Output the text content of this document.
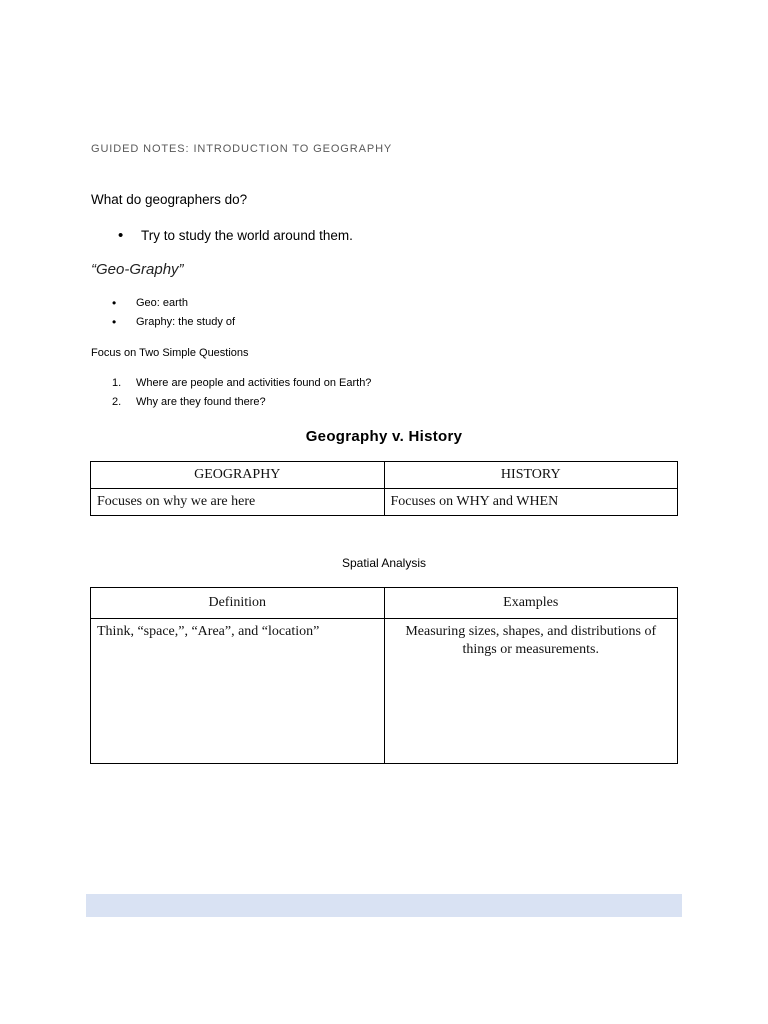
GUIDED NOTES: INTRODUCTION TO GEOGRAPHY
What do geographers do?
• Try to study the world around them.
“Geo-Graphy”
• Geo: earth
• Graphy: the study of
Focus on Two Simple Questions
1. Where are people and activities found on Earth?
2. Why are they found there?
Geography v. History
GEOGRAPHY	HISTORY
Focuses on why we are here	Focuses on WHY and WHEN
Spatial Analysis
Definition	Examples
Think, “space,”, “Area”, and “location”	Measuring sizes, shapes, and distributions of things or measurements.
